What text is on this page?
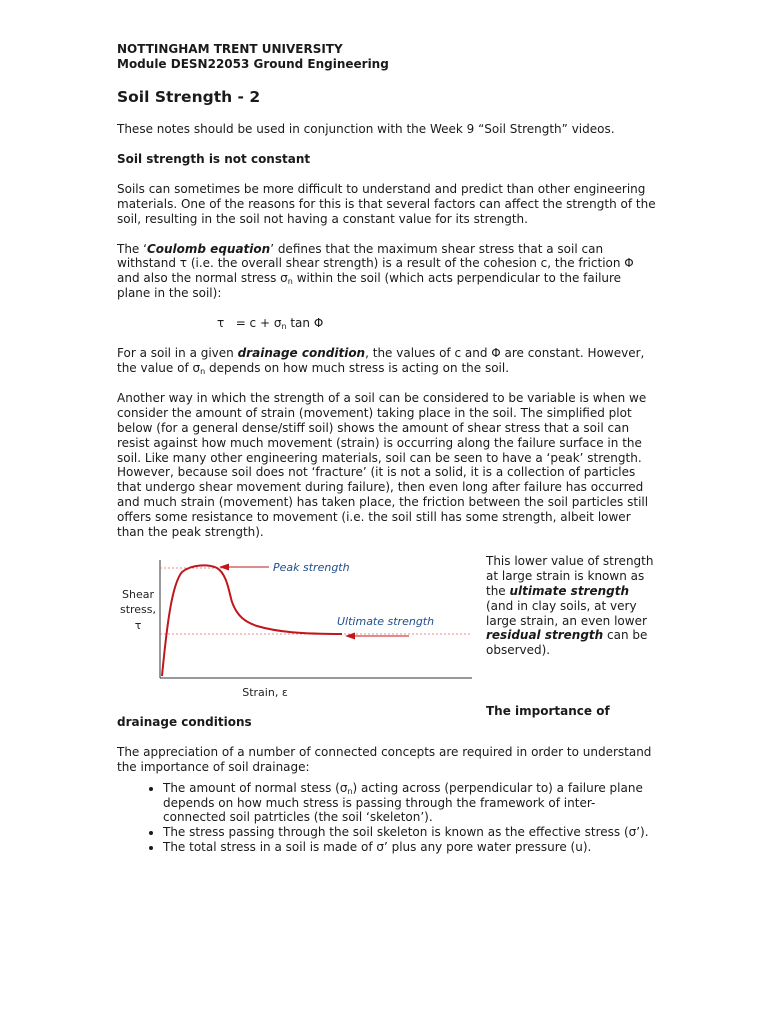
NOTTINGHAM TRENT UNIVERSITY

Module DESN22053 Ground Engineering

Soil Strength - 2

These notes should be used in conjunction with the Week 9 “Soil Strength” videos.

Soil strength is not constant

Soils can sometimes be more difficult to understand and predict than other engineering materials. One of the reasons for this is that several factors can affect the strength of the soil, resulting in the soil not having a constant value for its strength.

The ‘Coulomb equation’ defines that the maximum shear stress that a soil can withstand τ (i.e. the overall shear strength) is a result of the cohesion c, the friction Φ and also the normal stress $\sigma_n$ within the soil (which acts perpendicular to the failure plane in the soil):

$\tau = c + \sigma_n$ tan Φ

For a soil in a given drainage condition, the values of c and Φ are constant. However, the value of $\sigma_n$ depends on how much stress is acting on the soil.

Another way in which the strength of a soil can be considered to be variable is when we consider the amount of strain (movement) taking place in the soil. The simplified plot below (for a general dense/stiff soil) shows the amount of shear stress that a soil can resist against how much movement (strain) is occurring along the failure surface in the soil. Like many other engineering materials, soil can be seen to have a ‘peak’ strength. However, because soil does not ‘fracture’ (it is not a solid, it is a collection of particles that undergo shear movement during failure), then even long after failure has occurred and much strain (movement) has taken place, the friction between the soil particles still offers some resistance to movement (i.e. the soil still has some strength, albeit lower than the peak strength).

Peak strength
Ultimate strength
Shear
stress,
τ
Strain, ε

This lower value of strength at large strain is known as the ultimate strength (and in clay soils, at very large strain, an even lower residual strength can be observed).

The importance of

drainage conditions

The appreciation of a number of connected concepts are required in order to understand the importance of soil drainage:

• The amount of normal stess $(\sigma_n)$ acting across (perpendicular to) a failure plane depends on how much stress is passing through the framework of inter-connected soil patrticles (the soil ‘skeleton’).
• The stress passing through the soil skeleton is known as the effective stress (σ’).
• The total stress in a soil is made of σ’ plus any pore water pressure (u).
